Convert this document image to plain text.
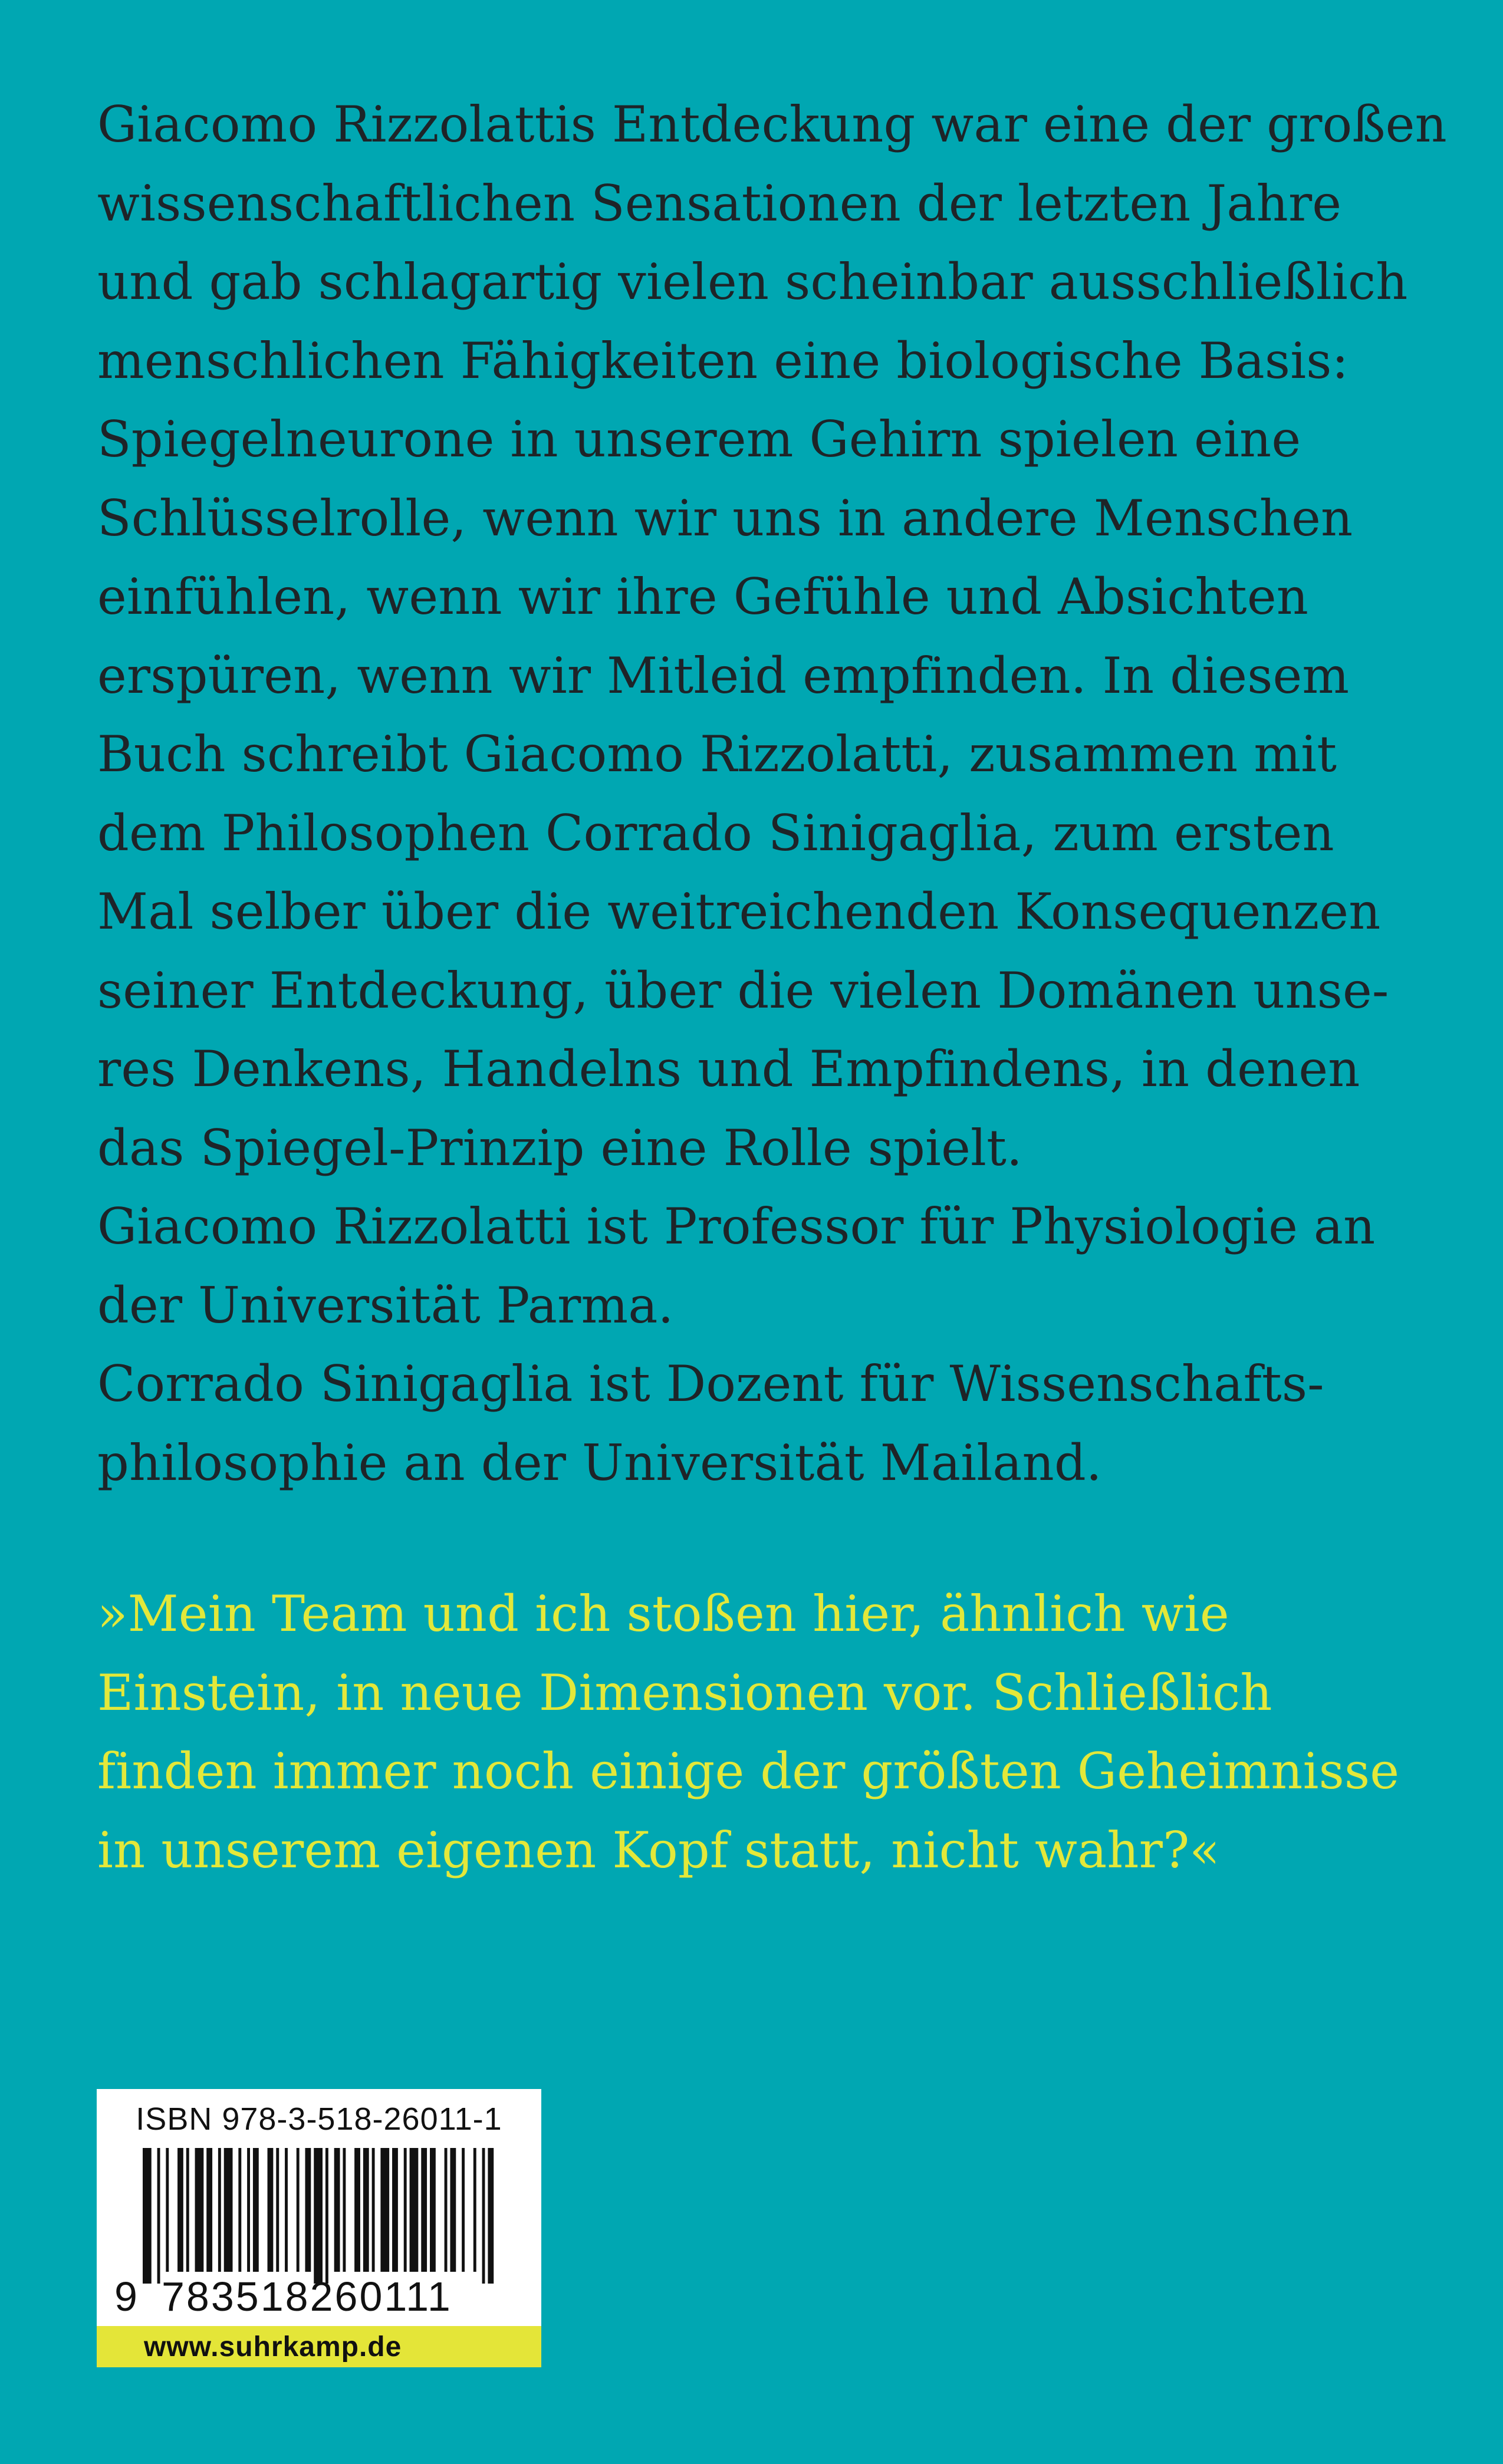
Giacomo Rizzolattis Entdeckung war eine der großen
wissenschaftlichen Sensationen der letzten Jahre
und gab schlagartig vielen scheinbar ausschließlich
menschlichen Fähigkeiten eine biologische Basis:
Spiegelneurone in unserem Gehirn spielen eine
Schlüsselrolle, wenn wir uns in andere Menschen
einfühlen, wenn wir ihre Gefühle und Absichten
erspüren, wenn wir Mitleid empfinden. In diesem
Buch schreibt Giacomo Rizzolatti, zusammen mit
dem Philosophen Corrado Sinigaglia, zum ersten
Mal selber über die weitreichenden Konsequenzen
seiner Entdeckung, über die vielen Domänen unse-
res Denkens, Handelns und Empfindens, in denen
das Spiegel-Prinzip eine Rolle spielt.
Giacomo Rizzolatti ist Professor für Physiologie an
der Universität Parma.
Corrado Sinigaglia ist Dozent für Wissenschafts-
philosophie an der Universität Mailand.
»Mein Team und ich stoßen hier, ähnlich wie
Einstein, in neue Dimensionen vor. Schließlich
finden immer noch einige der größten Geheimnisse
in unserem eigenen Kopf statt, nicht wahr?«
ISBN 978-3-518-26011-1
9 783518260111
www.suhrkamp.de
